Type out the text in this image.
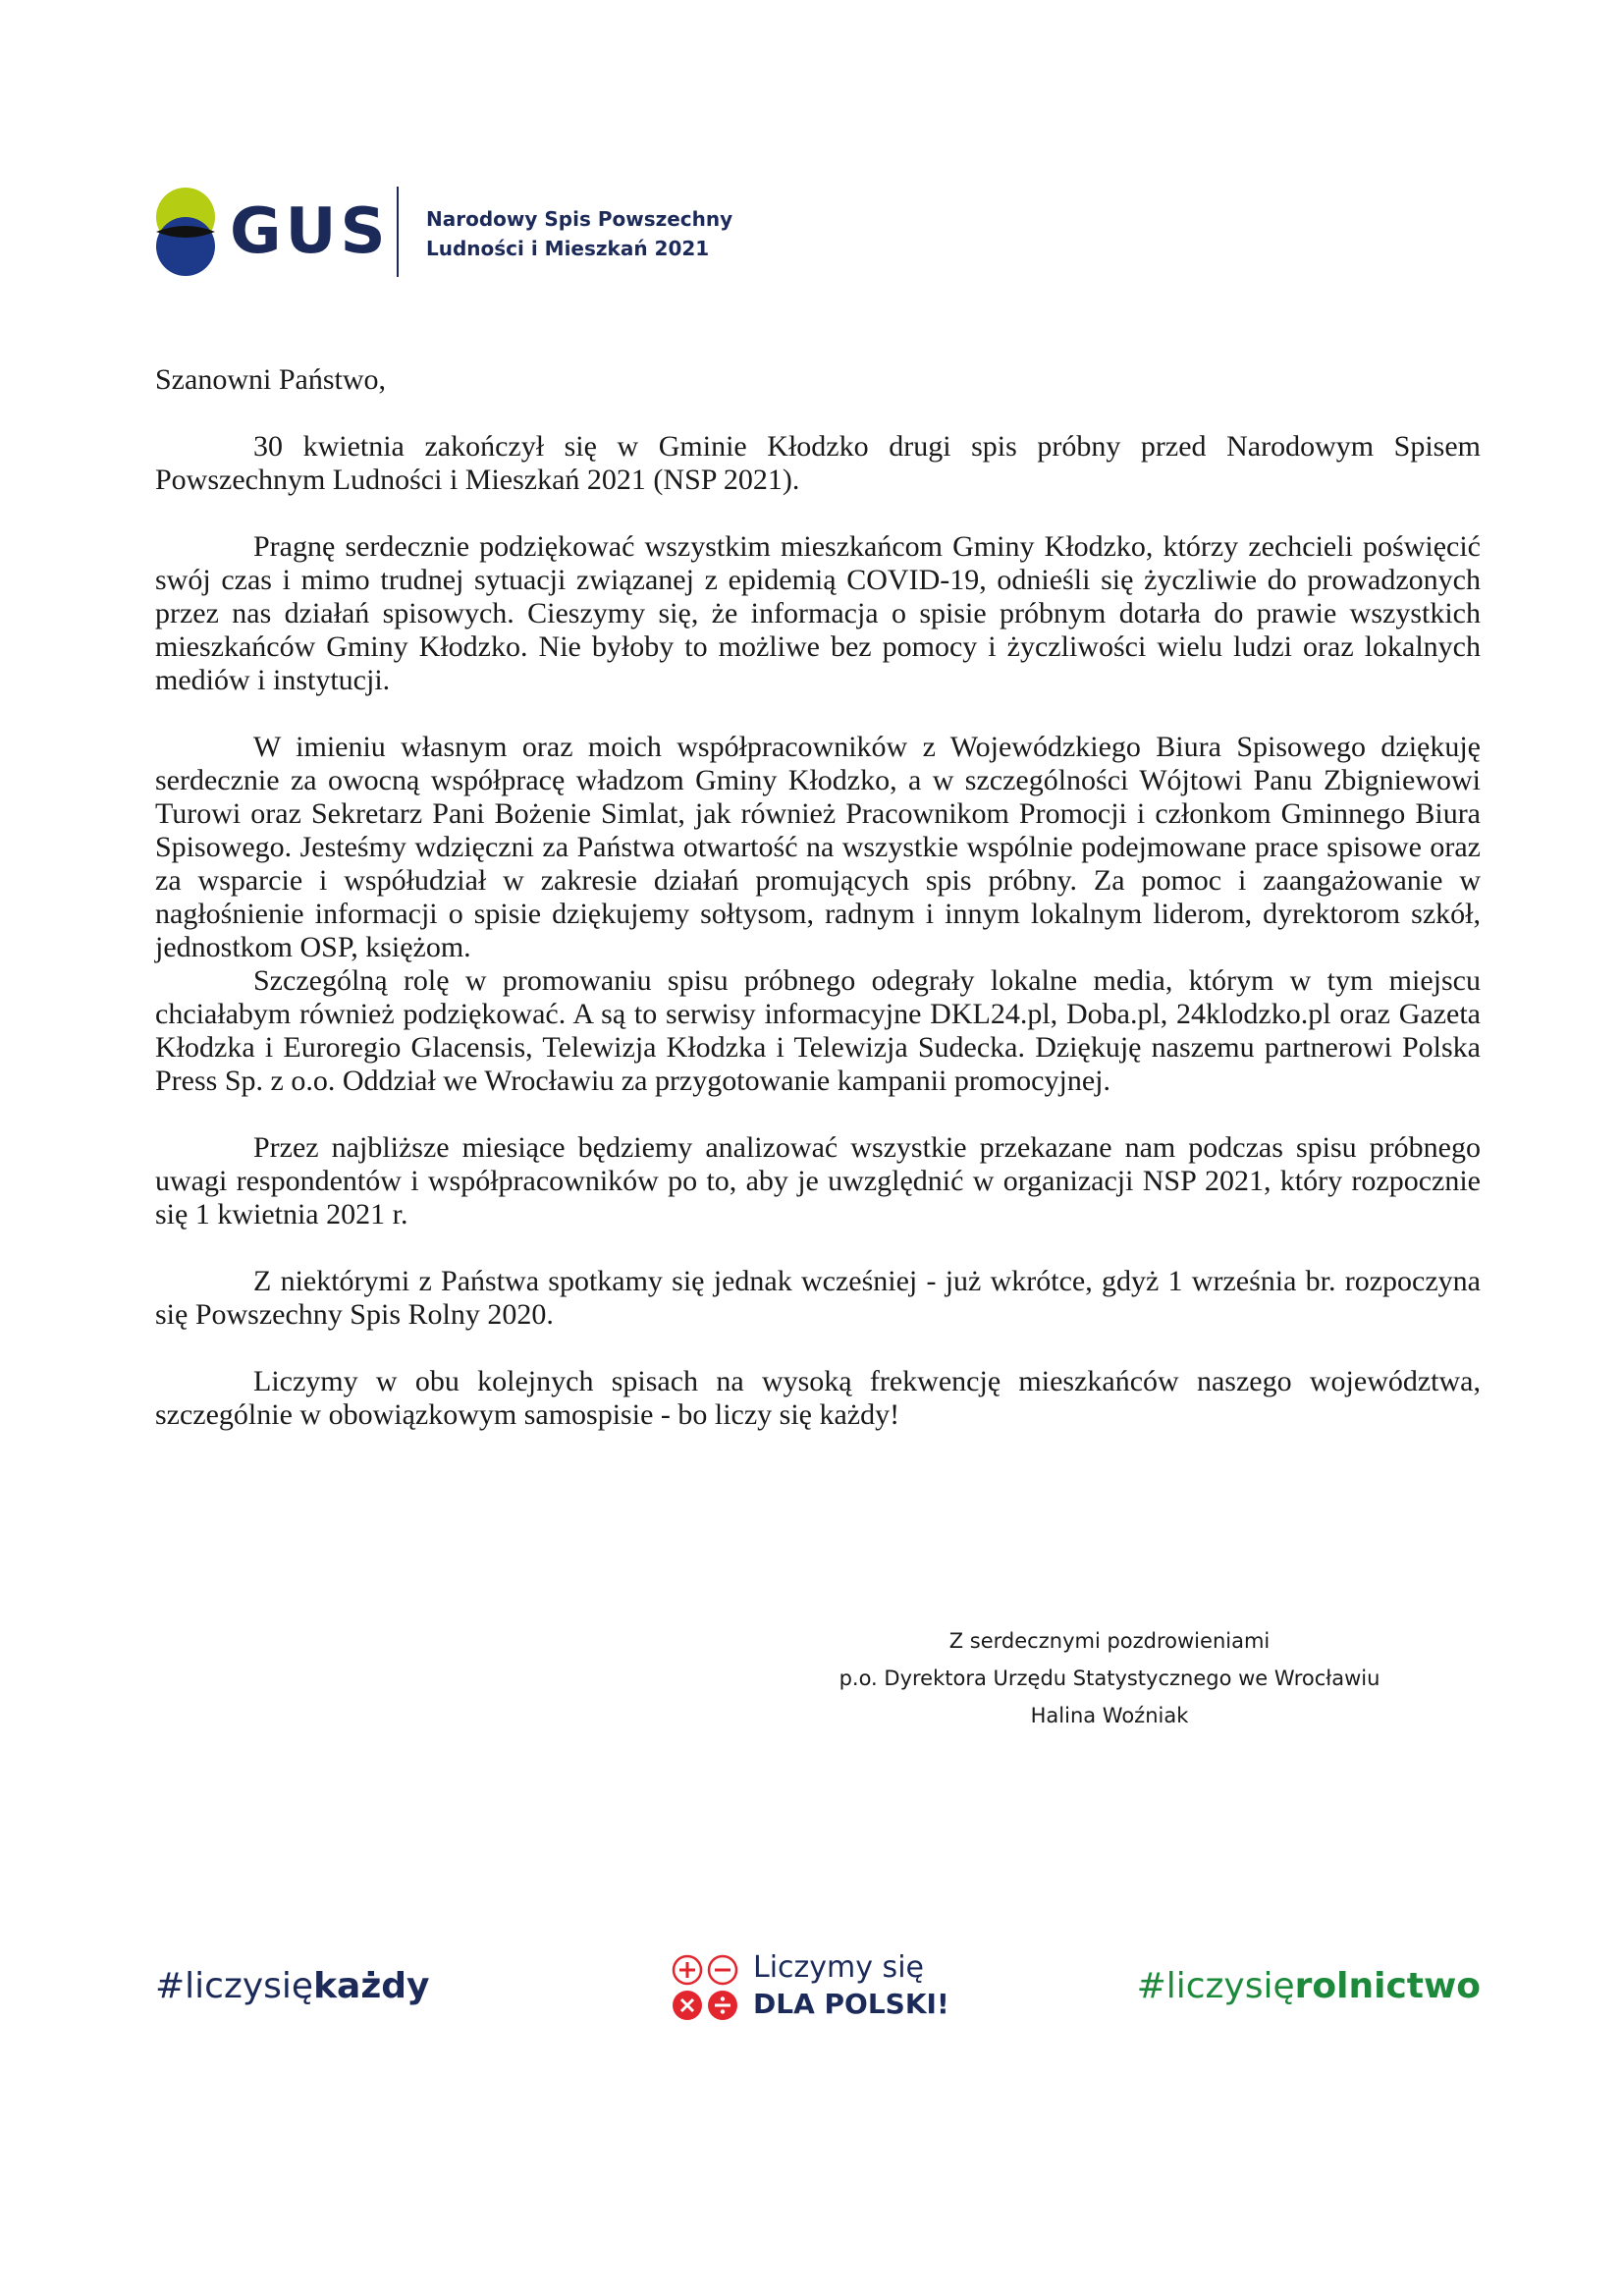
GUS Narodowy Spis Powszechny
Ludności i Mieszkań 2021

Szanowni Państwo,

30 kwietnia zakończył się w Gminie Kłodzko drugi spis próbny przed Narodowym Spisem Powszechnym Ludności i Mieszkań 2021 (NSP 2021).

Pragnę serdecznie podziękować wszystkim mieszkańcom Gminy Kłodzko, którzy zechcieli poświęcić swój czas i mimo trudnej sytuacji związanej z epidemią COVID-19, odnieśli się życzliwie do prowadzonych przez nas działań spisowych. Cieszymy się, że informacja o spisie próbnym dotarła do prawie wszystkich mieszkańców Gminy Kłodzko. Nie byłoby to możliwe bez pomocy i życzliwości wielu ludzi oraz lokalnych mediów i instytucji.

W imieniu własnym oraz moich współpracowników z Wojewódzkiego Biura Spisowego dziękuję serdecznie za owocną współpracę władzom Gminy Kłodzko, a w szczególności Wójtowi Panu Zbigniewowi Turowi oraz Sekretarz Pani Bożenie Simlat, jak również Pracownikom Promocji i członkom Gminnego Biura Spisowego. Jesteśmy wdzięczni za Państwa otwartość na wszystkie wspólnie podejmowane prace spisowe oraz za wsparcie i współudział w zakresie działań promujących spis próbny. Za pomoc i zaangażowanie w nagłośnienie informacji o spisie dziękujemy sołtysom, radnym i innym lokalnym liderom, dyrektorom szkół, jednostkom OSP, księżom.

Szczególną rolę w promowaniu spisu próbnego odegrały lokalne media, którym w tym miejscu chciałabym również podziękować. A są to serwisy informacyjne DKL24.pl, Doba.pl, 24klodzko.pl oraz Gazeta Kłodzka i Euroregio Glacensis, Telewizja Kłodzka i Telewizja Sudecka. Dziękuję naszemu partnerowi Polska Press Sp. z o.o. Oddział we Wrocławiu za przygotowanie kampanii promocyjnej.

Przez najbliższe miesiące będziemy analizować wszystkie przekazane nam podczas spisu próbnego uwagi respondentów i współpracowników po to, aby je uwzględnić w organizacji NSP 2021, który rozpocznie się 1 kwietnia 2021 r.

Z niektórymi z Państwa spotkamy się jednak wcześniej - już wkrótce, gdyż 1 września br. rozpoczyna się Powszechny Spis Rolny 2020.

Liczymy w obu kolejnych spisach na wysoką frekwencję mieszkańców naszego województwa, szczególnie w obowiązkowym samospisie - bo liczy się każdy!

Z serdecznymi pozdrowieniami
p.o. Dyrektora Urzędu Statystycznego we Wrocławiu
Halina Woźniak
#liczysiękażdy	Liczymy się
DLA POLSKI!	#liczysięrolnictwo
